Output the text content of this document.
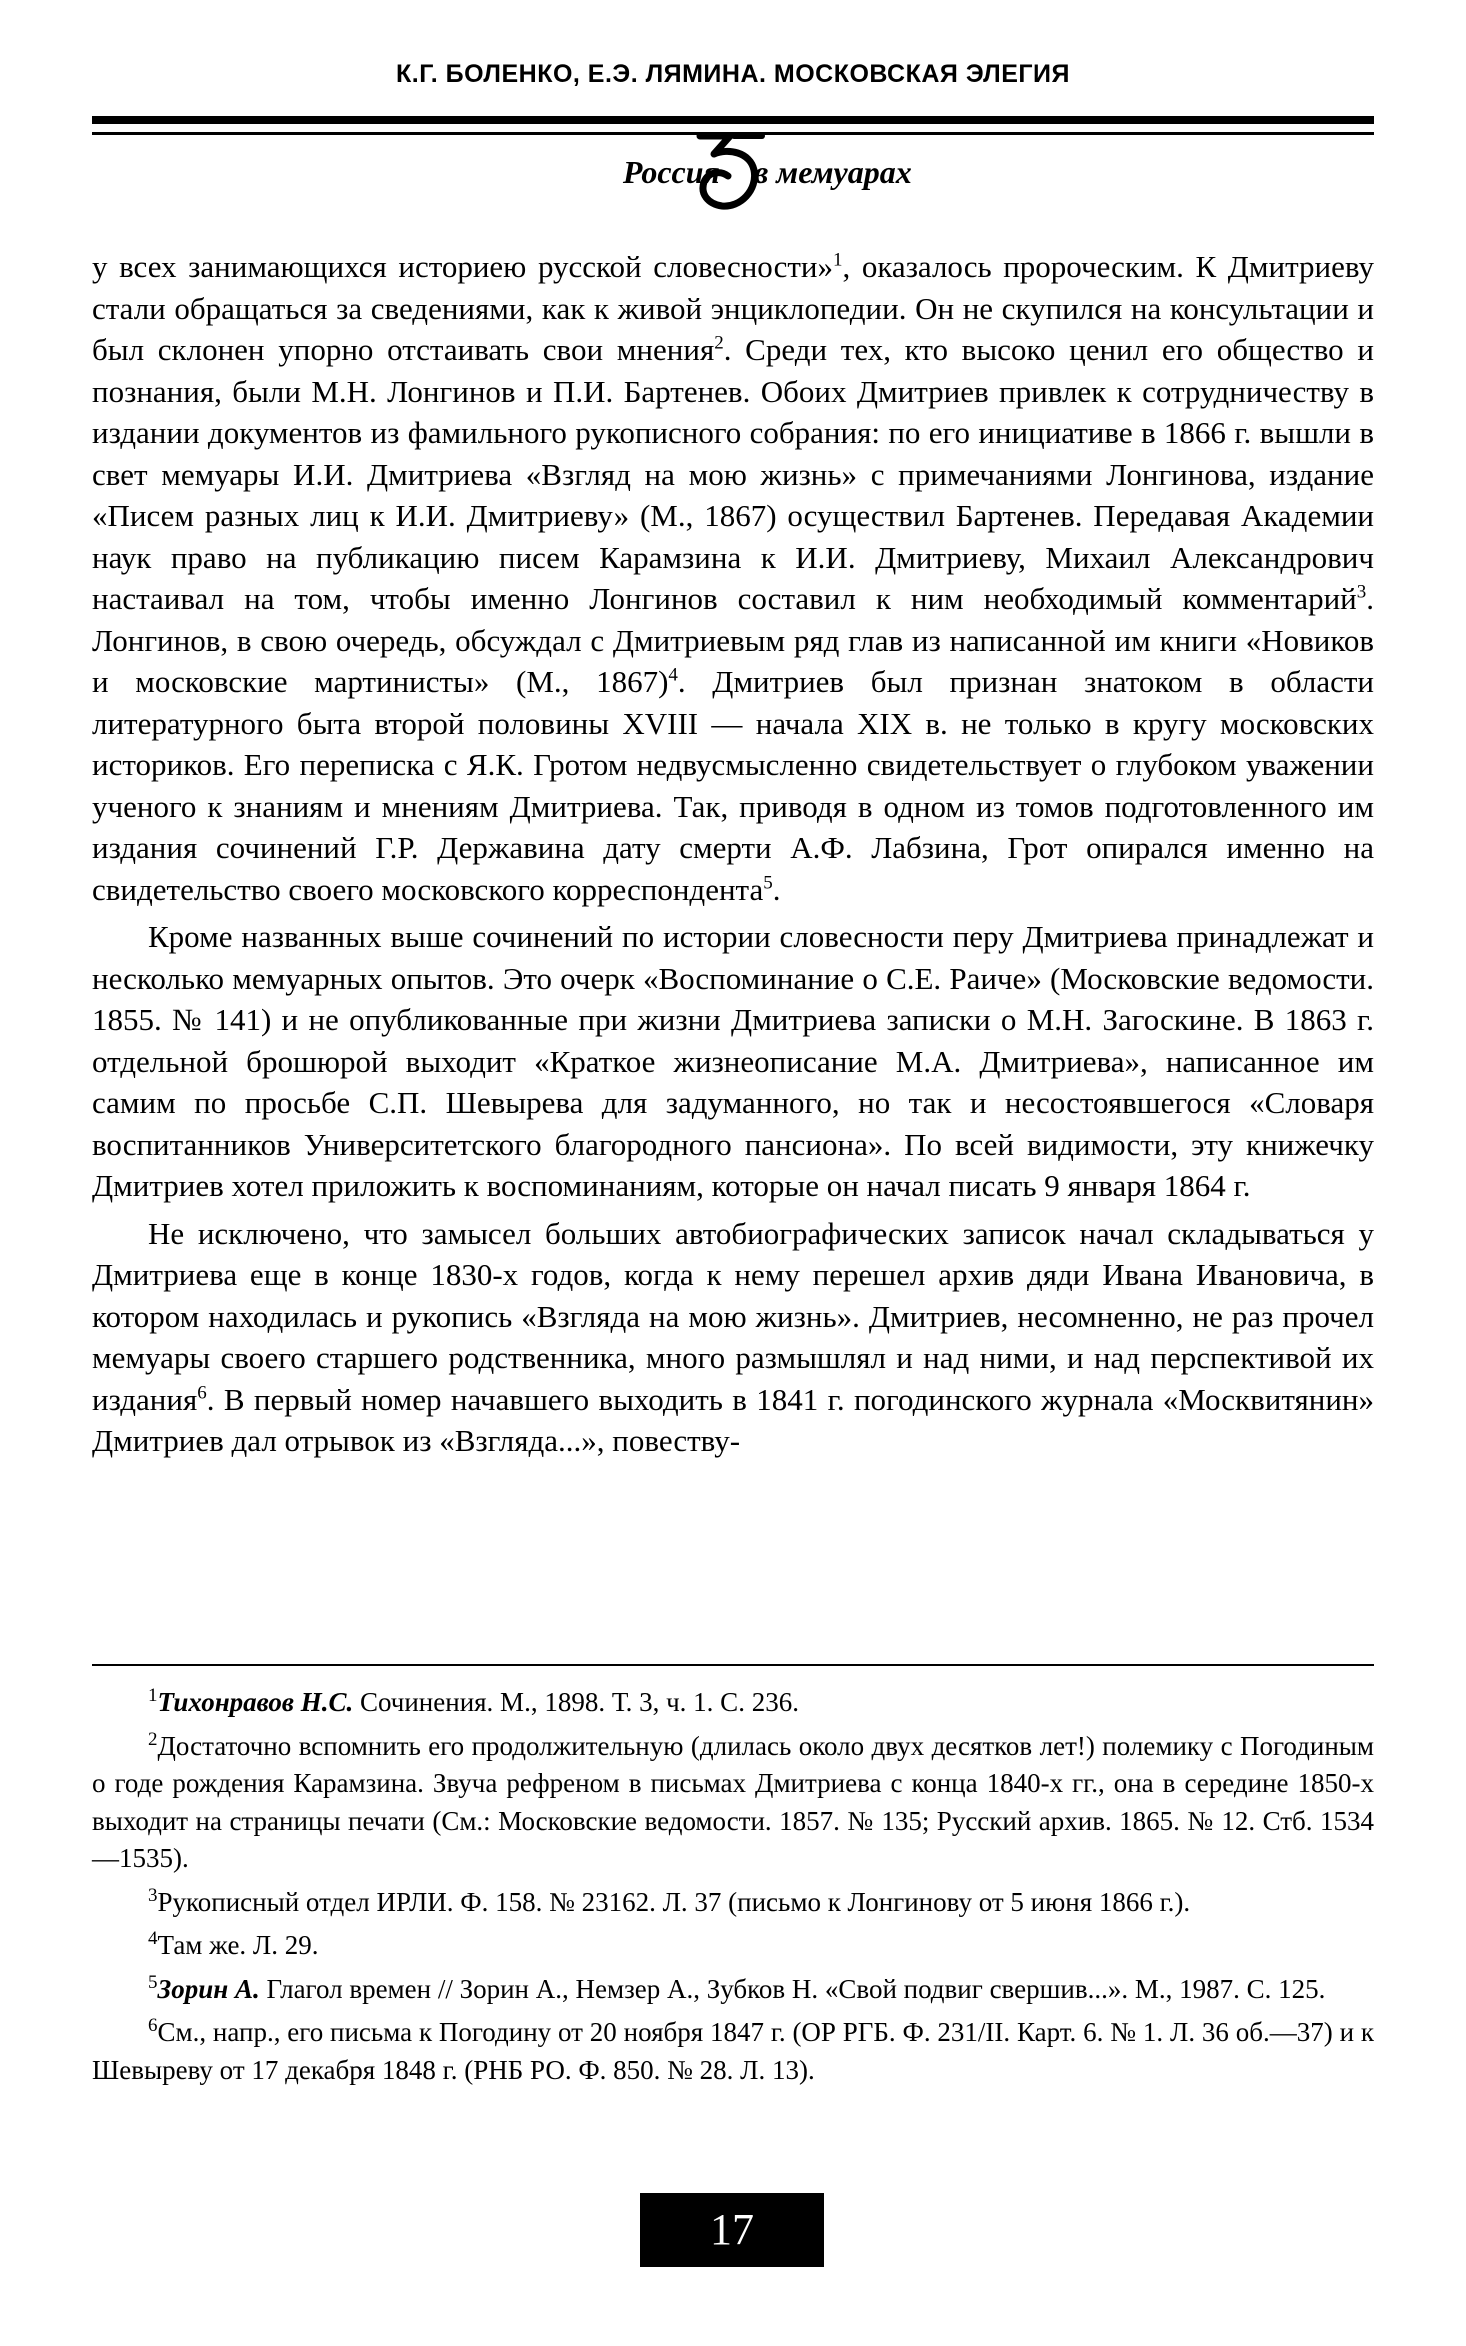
К.Г. БОЛЕНКО, Е.Э. ЛЯМИНА. МОСКОВСКАЯ ЭЛЕГИЯ
Россия в мемуарах

у всех занимающихся историею русской словесности»$^1$, оказалось пророческим. К Дмитриеву стали обращаться за сведениями, как к живой энциклопедии. Он не скупился на консультации и был склонен упорно отстаивать свои мнения$^2$. Среди тех, кто высоко ценил его общество и познания, были М.Н. Лонгинов и П.И. Бартенев. Обоих Дмитриев привлек к сотрудничеству в издании документов из фамильного рукописного собрания: по его инициативе в 1866 г. вышли в свет мемуары И.И. Дмитриева «Взгляд на мою жизнь» с примечаниями Лонгинова, издание «Писем разных лиц к И.И. Дмитриеву» (М., 1867) осуществил Бартенев. Передавая Академии наук право на публикацию писем Карамзина к И.И. Дмитриеву, Михаил Александрович настаивал на том, чтобы именно Лонгинов составил к ним необходимый комментарий$^3$. Лонгинов, в свою очередь, обсуждал с Дмитриевым ряд глав из написанной им книги «Новиков и московские мартинисты» (М., 1867)$^4$. Дмитриев был признан знатоком в области литературного быта второй половины XVIII — начала XIX в. не только в кругу московских историков. Его переписка с Я.К. Гротом недвусмысленно свидетельствует о глубоком уважении ученого к знаниям и мнениям Дмитриева. Так, приводя в одном из томов подготовленного им издания сочинений Г.Р. Державина дату смерти А.Ф. Лабзина, Грот опирался именно на свидетельство своего московского корреспондента$^5$.

Кроме названных выше сочинений по истории словесности перу Дмитриева принадлежат и несколько мемуарных опытов. Это очерк «Воспоминание о С.Е. Раиче» (Московские ведомости. 1855. № 141) и не опубликованные при жизни Дмитриева записки о М.Н. Загоскине. В 1863 г. отдельной брошюрой выходит «Краткое жизнеописание М.А. Дмитриева», написанное им самим по просьбе С.П. Шевырева для задуманного, но так и несостоявшегося «Словаря воспитанников Университетского благородного пансиона». По всей видимости, эту книжечку Дмитриев хотел приложить к воспоминаниям, которые он начал писать 9 января 1864 г.

Не исключено, что замысел больших автобиографических записок начал складываться у Дмитриева еще в конце 1830-х годов, когда к нему перешел архив дяди Ивана Ивановича, в котором находилась и рукопись «Взгляда на мою жизнь». Дмитриев, несомненно, не раз прочел мемуары своего старшего родственника, много размышлял и над ними, и над перспективой их издания$^6$. В первый номер начавшего выходить в 1841 г. погодинского журнала «Москвитянин» Дмитриев дал отрывок из «Взгляда...», повеству-

$^1$Тихонравов Н.С. Сочинения. М., 1898. Т. 3, ч. 1. С. 236.

$^2$Достаточно вспомнить его продолжительную (длилась около двух десятков лет!) полемику с Погодиным о годе рождения Карамзина. Звуча рефреном в письмах Дмитриева с конца 1840-х гг., она в середине 1850-х выходит на страницы печати (См.: Московские ведомости. 1857. № 135; Русский архив. 1865. № 12. Стб. 1534—1535).

$^3$Рукописный отдел ИРЛИ. Ф. 158. № 23162. Л. 37 (письмо к Лонгинову от 5 июня 1866 г.).

$^4$Там же. Л. 29.

$^5$Зорин А. Глагол времен // Зорин А., Немзер А., Зубков Н. «Свой подвиг свершив...». М., 1987. С. 125.

$^6$См., напр., его письма к Погодину от 20 ноября 1847 г. (ОР РГБ. Ф. 231/II. Карт. 6. № 1. Л. 36 об.—37) и к Шевыреву от 17 декабря 1848 г. (РНБ РО. Ф. 850. № 28. Л. 13).

17
